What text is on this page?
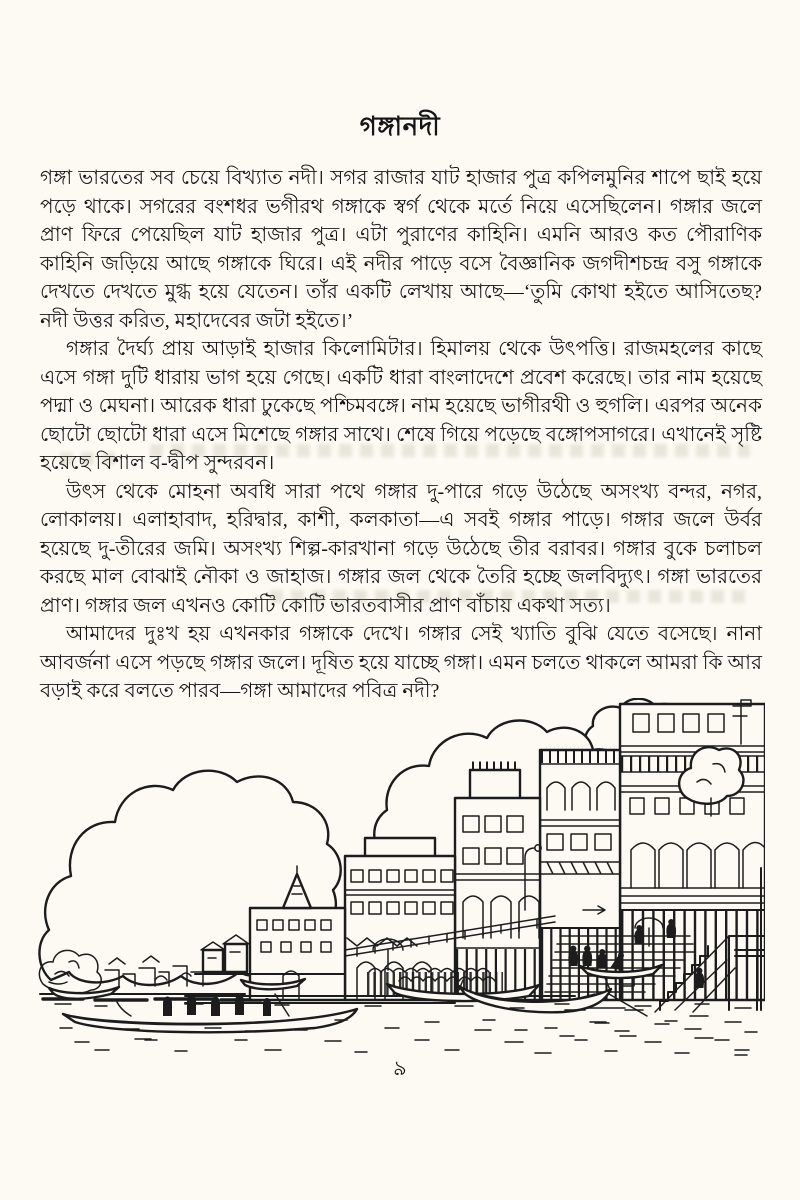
গঙ্গানদী

গঙ্গা ভারতের সব চেয়ে বিখ্যাত নদী। সগর রাজার যাট হাজার পুত্র কপিলমুনির শাপে ছাই হয়ে পড়ে থাকে। সগরের বংশধর ভগীরথ গঙ্গাকে স্বর্গ থেকে মর্তে নিয়ে এসেছিলেন। গঙ্গার জলে প্রাণ ফিরে পেয়েছিল যাট হাজার পুত্র। এটা পুরাণের কাহিনি। এমনি আরও কত পৌরাণিক কাহিনি জড়িয়ে আছে গঙ্গাকে ঘিরে। এই নদীর পাড়ে বসে বৈজ্ঞানিক জগদীশচন্দ্র বসু গঙ্গাকে দেখতে দেখতে মুগ্ধ হয়ে যেতেন। তাঁর একটি লেখায় আছে—‘তুমি কোথা হইতে আসিতেছ? নদী উত্তর করিত, মহাদেবের জটা হইতে।’

গঙ্গার দৈর্ঘ্য প্রায় আড়াই হাজার কিলোমিটার। হিমালয় থেকে উৎপত্তি। রাজমহলের কাছে এসে গঙ্গা দুটি ধারায় ভাগ হয়ে গেছে। একটি ধারা বাংলাদেশে প্রবেশ করেছে। তার নাম হয়েছে পদ্মা ও মেঘনা। আরেক ধারা ঢুকেছে পশ্চিমবঙ্গে। নাম হয়েছে ভাগীরথী ও হুগলি। এরপর অনেক ছোটো ছোটো ধারা এসে মিশেছে গঙ্গার সাথে। শেষে গিয়ে পড়েছে বঙ্গোপসাগরে। এখানেই সৃষ্টি হয়েছে বিশাল ব-দ্বীপ সুন্দরবন।

উৎস থেকে মোহনা অবধি সারা পথে গঙ্গার দু-পারে গড়ে উঠেছে অসংখ্য বন্দর, নগর, লোকালয়। এলাহাবাদ, হরিদ্বার, কাশী, কলকাতা—এ সবই গঙ্গার পাড়ে। গঙ্গার জলে উর্বর হয়েছে দু-তীরের জমি। অসংখ্য শিল্প-কারখানা গড়ে উঠেছে তীর বরাবর। গঙ্গার বুকে চলাচল করছে মাল বোঝাই নৌকা ও জাহাজ। গঙ্গার জল থেকে তৈরি হচ্ছে জলবিদ্যুৎ। গঙ্গা ভারতের প্রাণ। গঙ্গার জল এখনও কোটি কোটি ভারতবাসীর প্রাণ বাঁচায় একথা সত্য।

আমাদের দুঃখ হয় এখনকার গঙ্গাকে দেখে। গঙ্গার সেই খ্যাতি বুঝি যেতে বসেছে। নানা আবর্জনা এসে পড়ছে গঙ্গার জলে। দূষিত হয়ে যাচ্ছে গঙ্গা। এমন চলতে থাকলে আমরা কি আর বড়াই করে বলতে পারব—গঙ্গা আমাদের পবিত্র নদী?

৯
